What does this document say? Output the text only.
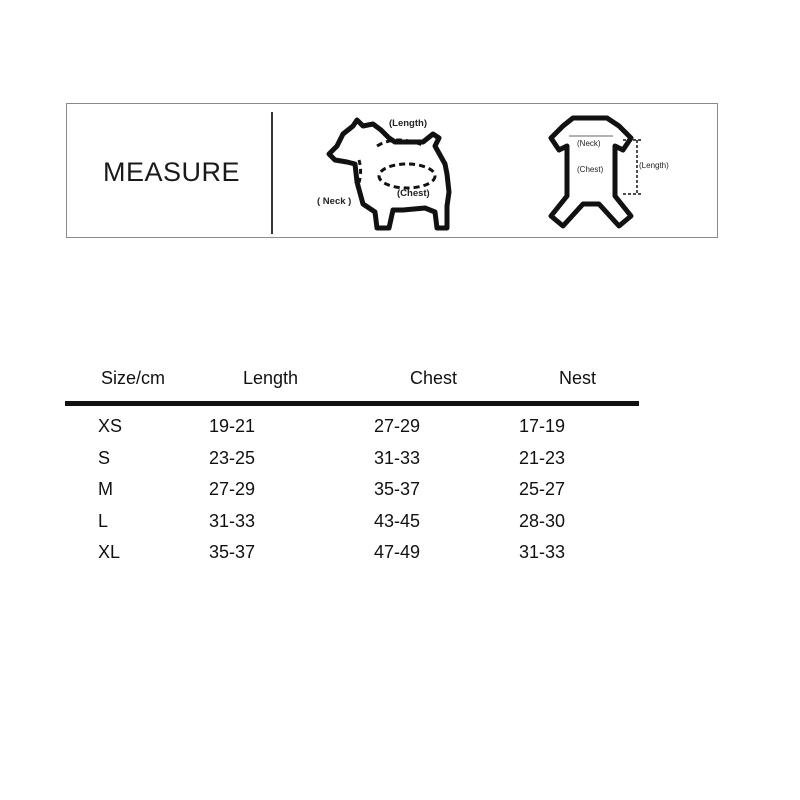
MEASURE
(Length)
(Chest)
( Neck )
(Neck)
(Chest)	(Length)
Size/cm	Length	Chest	Nest
XS	19-21	27-29	17-19
S	23-25	31-33	21-23
M	27-29	35-37	25-27
L	31-33	43-45	28-30
XL	35-37	47-49	31-33
